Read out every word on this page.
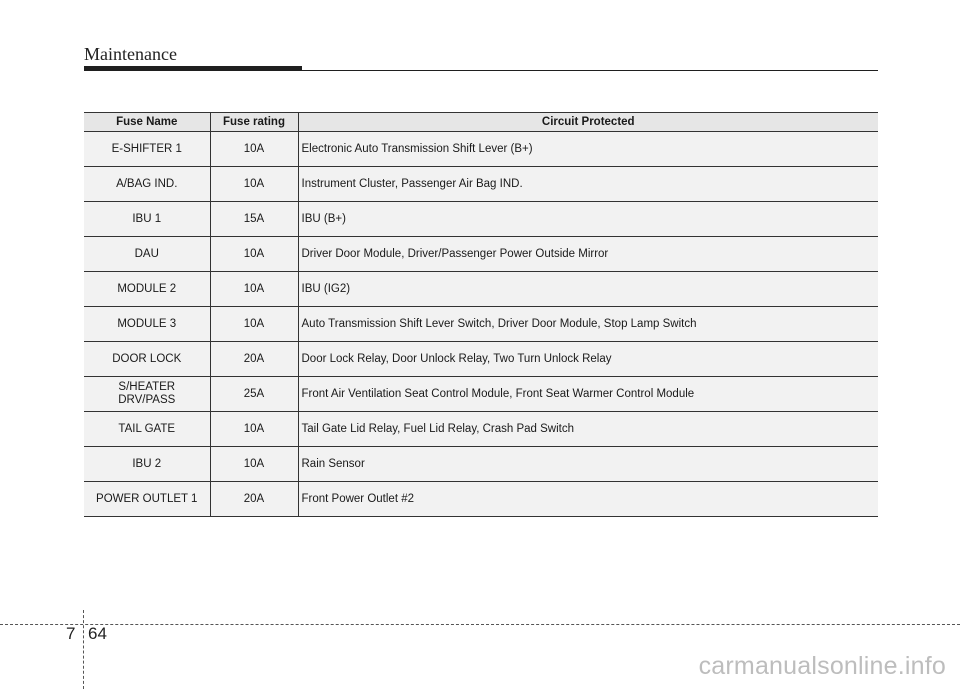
Maintenance
Fuse Name	Fuse rating	Circuit Protected
E-SHIFTER 1	10A	Electronic Auto Transmission Shift Lever (B+)
A/BAG IND.	10A	Instrument Cluster, Passenger Air Bag IND.
IBU 1	15A	IBU (B+)
DAU	10A	Driver Door Module, Driver/Passenger Power Outside Mirror
MODULE 2	10A	IBU (IG2)
MODULE 3	10A	Auto Transmission Shift Lever Switch, Driver Door Module, Stop Lamp Switch
DOOR LOCK	20A	Door Lock Relay, Door Unlock Relay, Two Turn Unlock Relay
S/HEATER
DRV/PASS	25A	Front Air Ventilation Seat Control Module, Front Seat Warmer Control Module
TAIL GATE	10A	Tail Gate Lid Relay, Fuel Lid Relay, Crash Pad Switch
IBU 2	10A	Rain Sensor
POWER OUTLET 1	20A	Front Power Outlet #2
7 64
carmanualsonline.info
